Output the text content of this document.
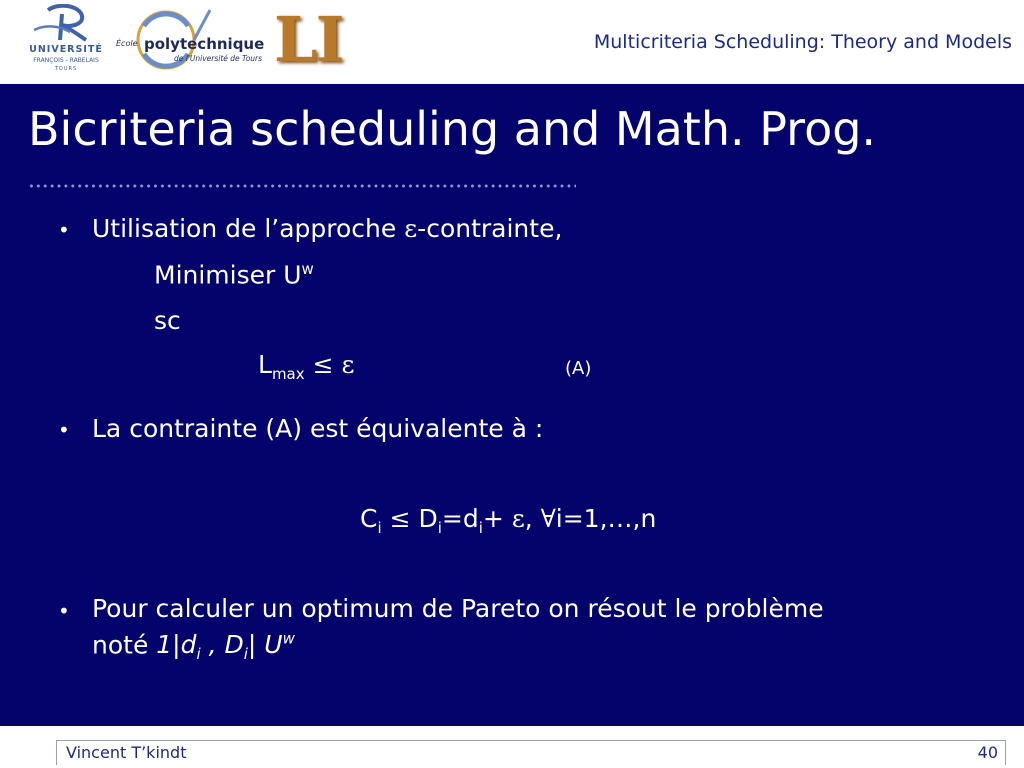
UNIVERSITÉ
FRANÇOIS - RABELAIS
TOURS
École polytechnique
de l'Université de Tours LI	Multicriteria Scheduling: Theory and Models
Bicriteria scheduling and Math. Prog.
• Utilisation de l’approche ε-contrainte,
Minimiser $U^w$
sc
$L_{max} \le \varepsilon$	(A)
• La contrainte (A) est équivalente à :
$C_i \le D_i=d_i+ \varepsilon$, ∀i=1,…,n
• Pour calculer un optimum de Pareto on résout le problème
noté $1|d_i$ , $D_i|$ $U^w$
Vincent T’kindt	40
